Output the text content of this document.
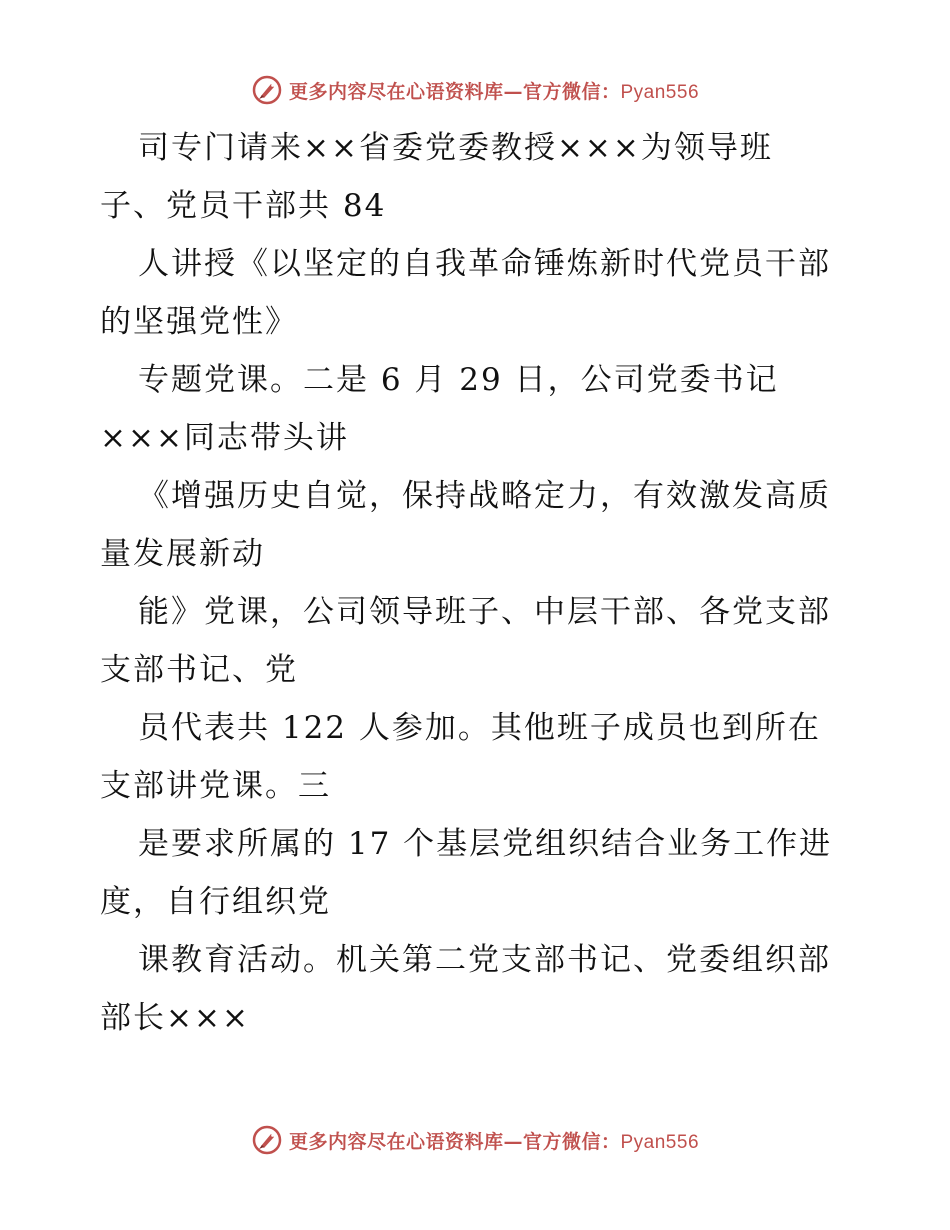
更多内容尽在心语资料库—官方微信：Pyan556
司专门请来××省委党委教授×××为领导班
子、党员干部共 84
人讲授《以坚定的自我革命锤炼新时代党员干部
的坚强党性》
专题党课。二是 6 月 29 日，公司党委书记
×××同志带头讲
《增强历史自觉，保持战略定力，有效激发高质
量发展新动
能》党课，公司领导班子、中层干部、各党支部
支部书记、党
员代表共 122 人参加。其他班子成员也到所在
支部讲党课。三
是要求所属的 17 个基层党组织结合业务工作进
度，自行组织党
课教育活动。机关第二党支部书记、党委组织部
部长×××
更多内容尽在心语资料库—官方微信：Pyan556
